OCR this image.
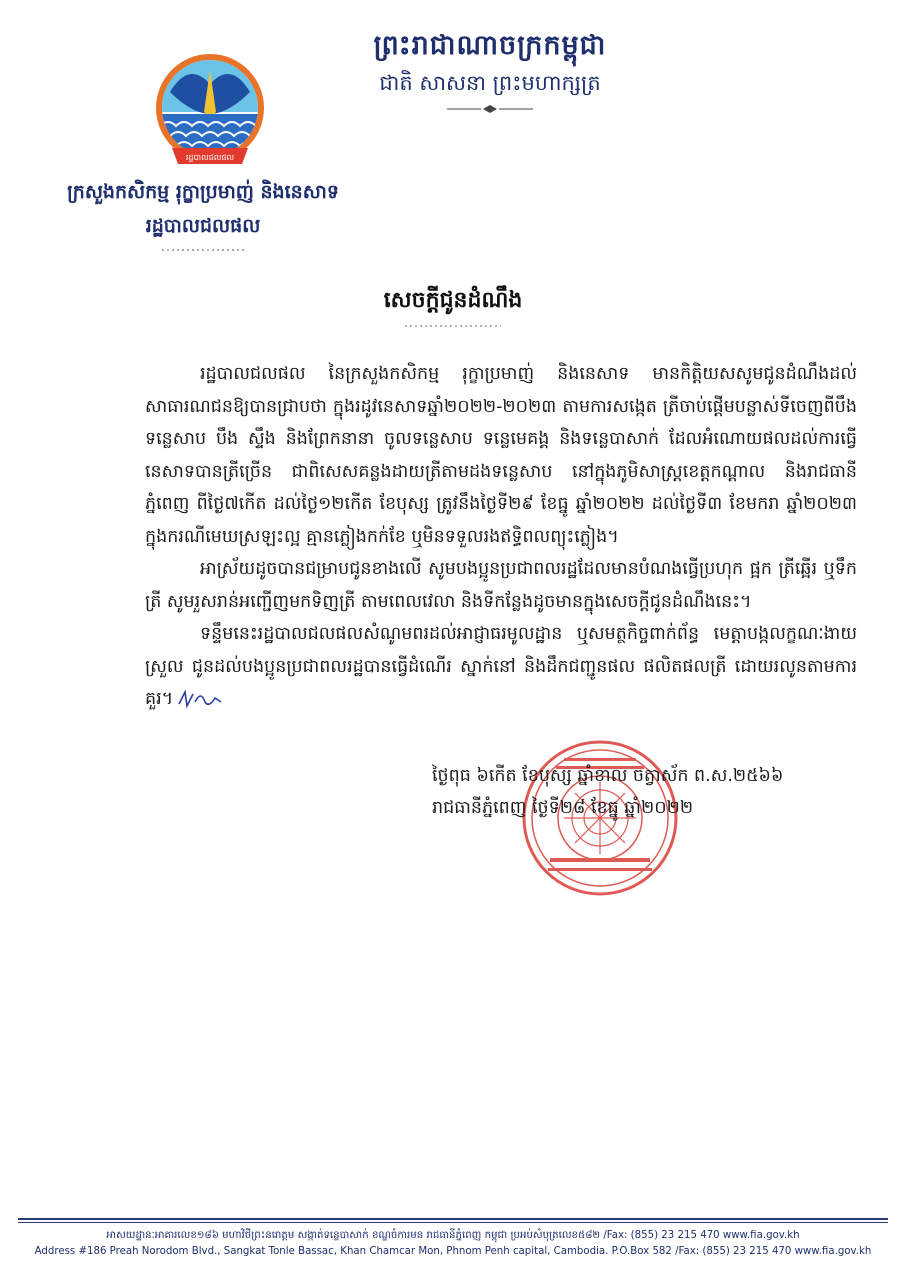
រដ្ឋបាលជលផល
ព្រះរាជាណាចក្រកម្ពុជា
ជាតិ សាសនា ព្រះមហាក្សត្រ
ក្រសួងកសិកម្ម រុក្ខាប្រមាញ់ និងនេសាទ
រដ្ឋបាលជលផល
សេចក្តីជូនដំណឹង

រដ្ឋបាលជលផល នៃក្រសួងកសិកម្ម រុក្ខាប្រមាញ់ និងនេសាទ មានកិត្តិយសសូមជូនដំណឹងដល់សាធារណជនឱ្យបានជ្រាបថា ក្នុងរដូវនេសាទឆ្នាំ២០២២-២០២៣ តាមការសង្កេត ត្រីចាប់ផ្តើមបន្លាស់ទីចេញពីបឹងទន្លេសាប បឹង ស្ទឹង និងព្រែកនានា ចូលទន្លេសាប ទន្លេមេគង្គ និងទន្លេបាសាក់ ដែលអំណោយផលដល់ការធ្វើនេសាទបានត្រីច្រើន ជាពិសេសគន្លងដាយត្រីតាមដងទន្លេសាប នៅក្នុងភូមិសាស្ត្រខេត្តកណ្តាល និងរាជធានីភ្នំពេញ ពីថ្ងៃ៧កើត ដល់ថ្ងៃ១២កើត ខែបុស្ស ត្រូវនឹងថ្ងៃទី២៩ ខែធ្នូ ឆ្នាំ២០២២ ដល់ថ្ងៃទី៣ ខែមករា ឆ្នាំ២០២៣ ក្នុងករណីមេឃស្រឡះល្អ គ្មានភ្លៀងកក់ខែ ឬមិនទទួលរងឥទ្ធិពលព្យុះភ្លៀង។

អាស្រ័យដូចបានជម្រាបជូនខាងលើ សូមបងប្អូនប្រជាពលរដ្ឋដែលមានបំណងធ្វើប្រហុក ផ្អក ត្រីឆ្អើរ ឬទឹកត្រី សូមរួសរាន់អញ្ជើញមកទិញត្រី តាមពេលវេលា និងទីកន្លែងដូចមានក្នុងសេចក្តីជូនដំណឹងនេះ។

ទន្ទឹមនេះរដ្ឋបាលជលផលសំណូមពរដល់អាជ្ញាធរមូលដ្ឋាន ឬសមត្ថកិច្ចពាក់ព័ន្ធ មេត្តាបង្កលក្ខណៈងាយស្រួល ជូនដល់បងប្អូនប្រជាពលរដ្ឋបានធ្វើដំណើរ ស្នាក់នៅ និងដឹកជញ្ជូនផល ផលិតផលត្រី ដោយរលូនតាមការគួរ។

ថ្ងៃពុធ ៦កើត ខែបុស្ស ឆ្នាំខាល ចត្វាស័ក ព.ស.២៥៦៦
រាជធានីភ្នំពេញ ថ្ងៃទី២៨ ខែធ្នូ ឆ្នាំ២០២២
អាសយដ្ឋានៈអាគារលេខ១៨៦ មហាវិថីព្រះនរោត្តម សង្កាត់ទន្លេបាសាក់ ខណ្ឌចំការមន រាជធានីភ្នំពេញ កម្ពុជា ប្រអប់សំបុត្រលេខ៥៨២ /Fax: (855) 23 215 470 www.fia.gov.kh
Address #186 Preah Norodom Blvd., Sangkat Tonle Bassac, Khan Chamcar Mon, Phnom Penh capital, Cambodia. P.O.Box 582 /Fax: (855) 23 215 470 www.fia.gov.kh
